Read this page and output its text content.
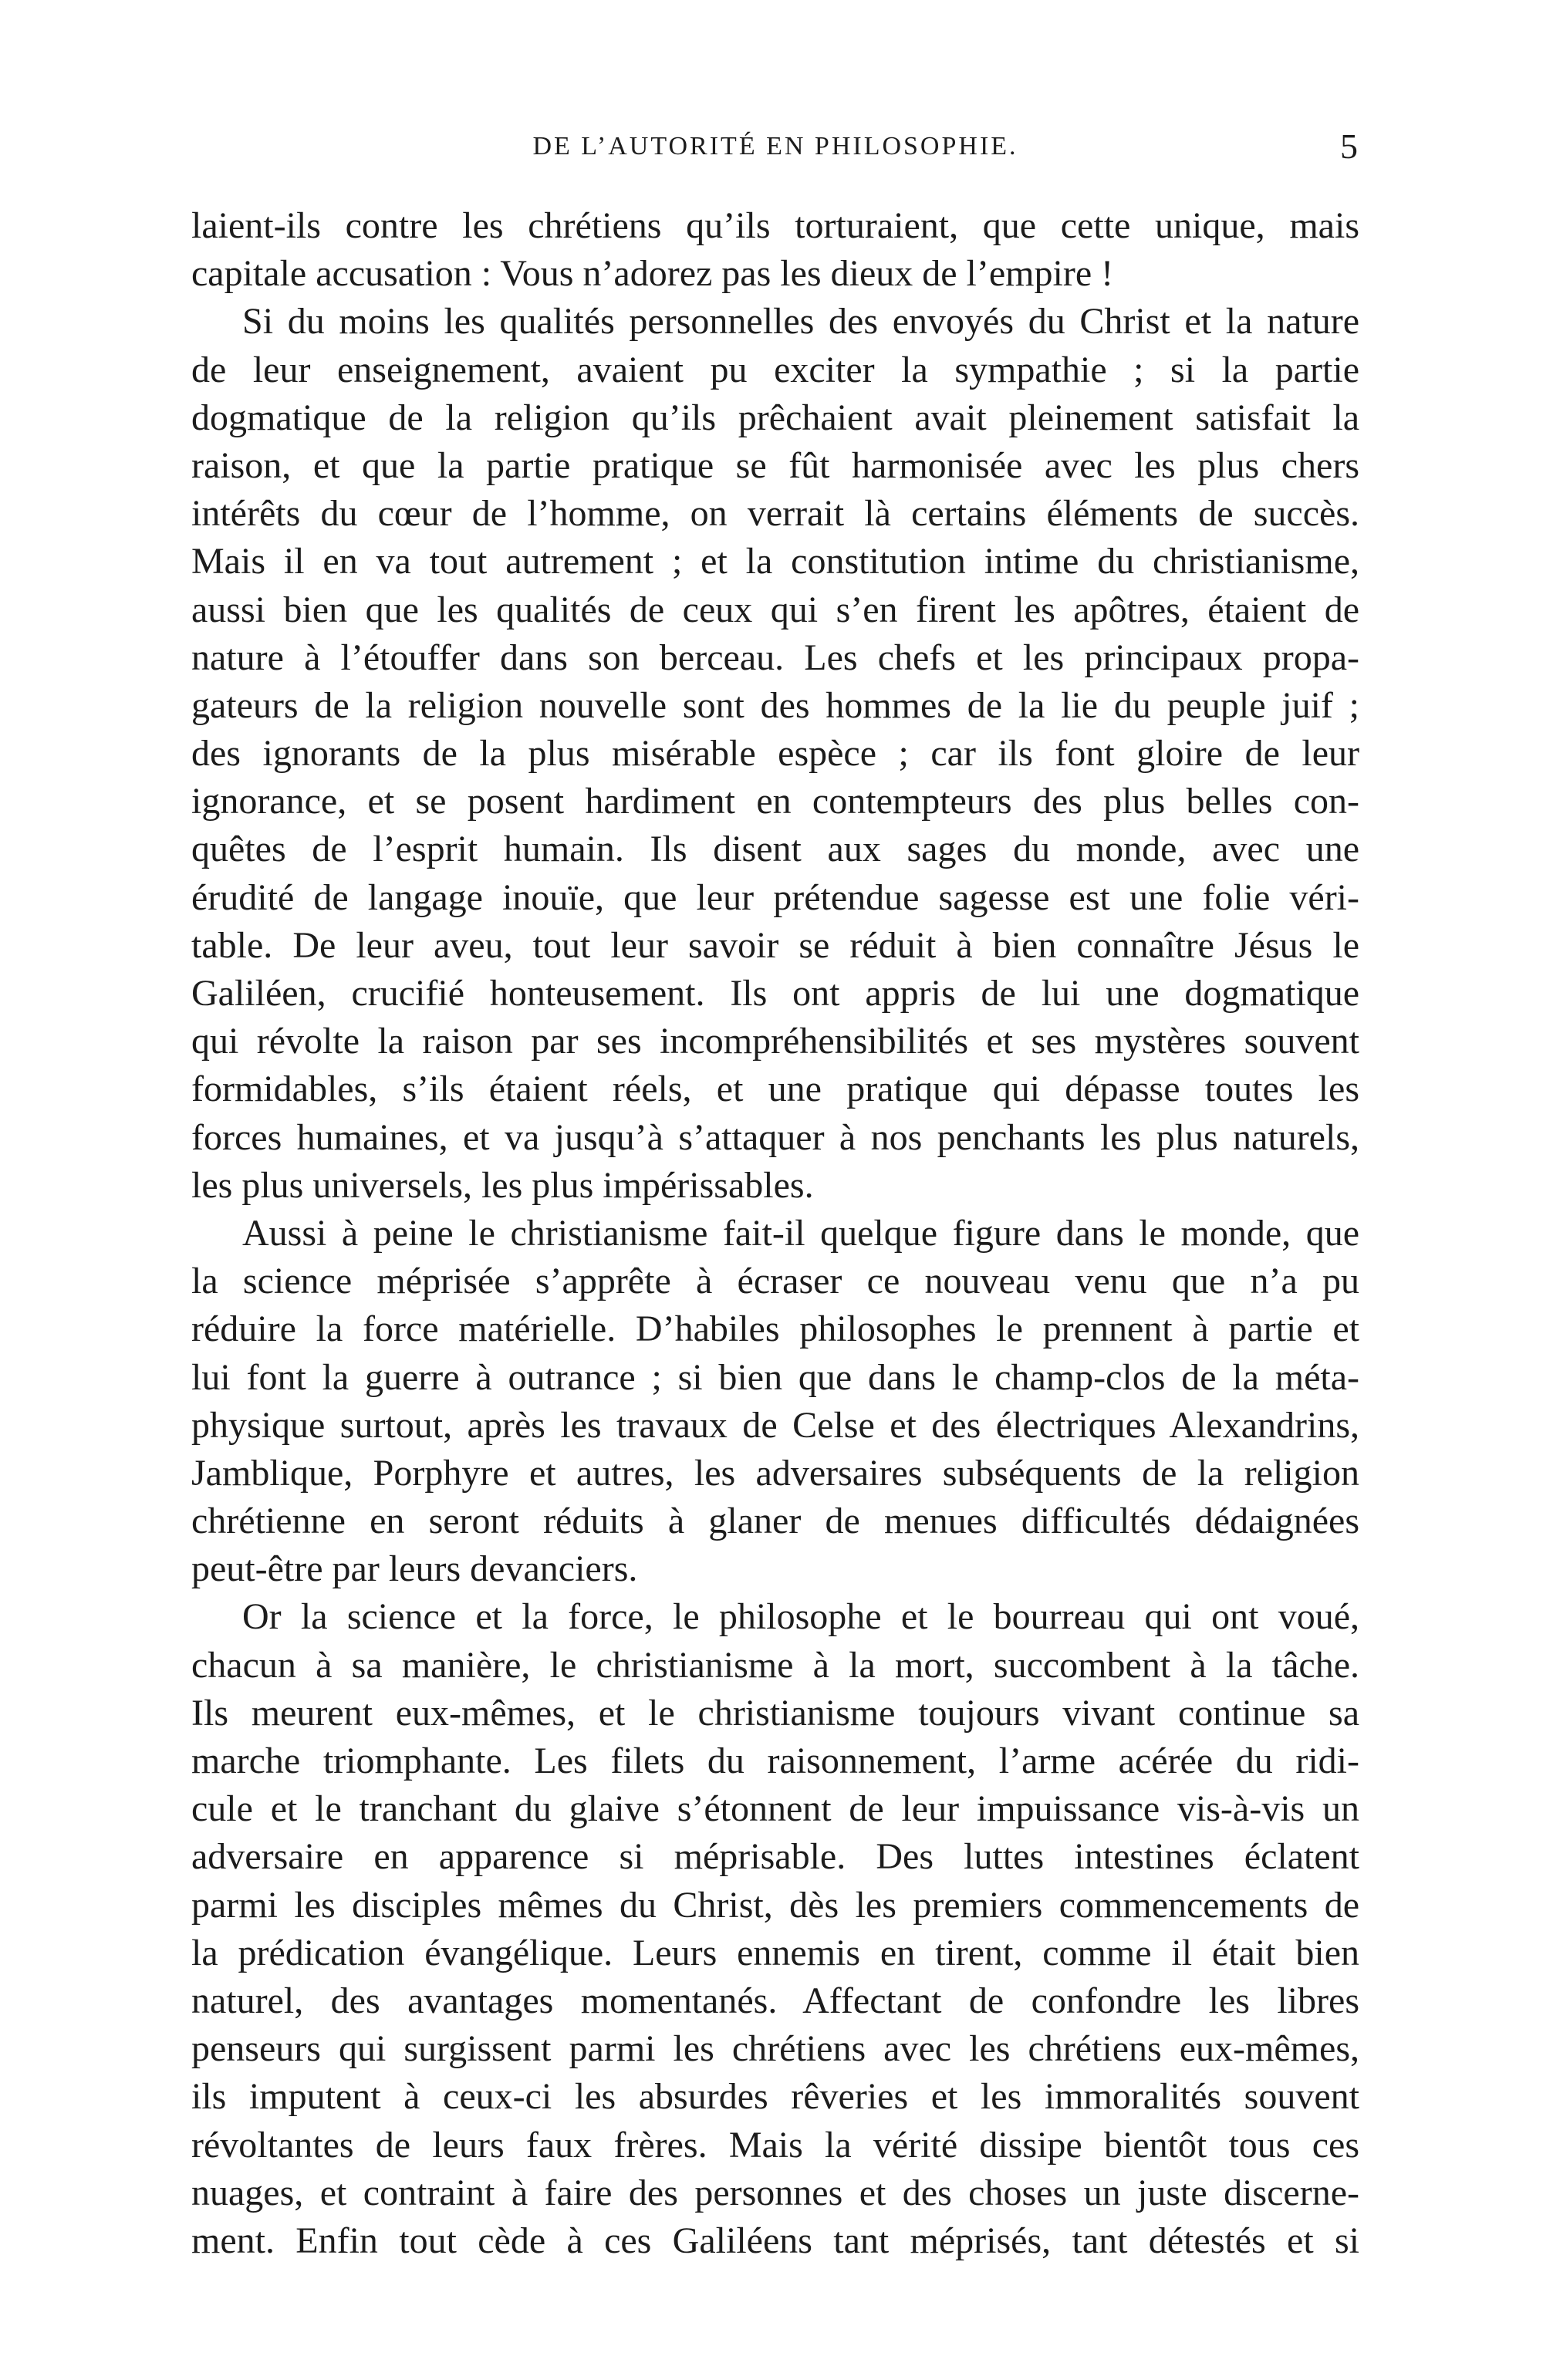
DE L’AUTORITÉ EN PHILOSOPHIE.	5
laient-ils contre les chrétiens qu’ils torturaient, que cette unique, mais
capitale accusation : Vous n’adorez pas les dieux de l’empire !
Si du moins les qualités personnelles des envoyés du Christ et la nature
de leur enseignement, avaient pu exciter la sympathie ; si la partie
dogmatique de la religion qu’ils prêchaient avait pleinement satisfait la
raison, et que la partie pratique se fût harmonisée avec les plus chers
intérêts du cœur de l’homme, on verrait là certains éléments de succès.
Mais il en va tout autrement ; et la constitution intime du christianisme,
aussi bien que les qualités de ceux qui s’en firent les apôtres, étaient de
nature à l’étouffer dans son berceau. Les chefs et les principaux propa-
gateurs de la religion nouvelle sont des hommes de la lie du peuple juif ;
des ignorants de la plus misérable espèce ; car ils font gloire de leur
ignorance, et se posent hardiment en contempteurs des plus belles con-
quêtes de l’esprit humain. Ils disent aux sages du monde, avec une
érudité de langage inouïe, que leur prétendue sagesse est une folie véri-
table. De leur aveu, tout leur savoir se réduit à bien connaître Jésus le
Galiléen, crucifié honteusement. Ils ont appris de lui une dogmatique
qui révolte la raison par ses incompréhensibilités et ses mystères souvent
formidables, s’ils étaient réels, et une pratique qui dépasse toutes les
forces humaines, et va jusqu’à s’attaquer à nos penchants les plus naturels,
les plus universels, les plus impérissables.
Aussi à peine le christianisme fait-il quelque figure dans le monde, que
la science méprisée s’apprête à écraser ce nouveau venu que n’a pu
réduire la force matérielle. D’habiles philosophes le prennent à partie et
lui font la guerre à outrance ; si bien que dans le champ-clos de la méta-
physique surtout, après les travaux de Celse et des électriques Alexandrins,
Jamblique, Porphyre et autres, les adversaires subséquents de la religion
chrétienne en seront réduits à glaner de menues difficultés dédaignées
peut-être par leurs devanciers.
Or la science et la force, le philosophe et le bourreau qui ont voué,
chacun à sa manière, le christianisme à la mort, succombent à la tâche.
Ils meurent eux-mêmes, et le christianisme toujours vivant continue sa
marche triomphante. Les filets du raisonnement, l’arme acérée du ridi-
cule et le tranchant du glaive s’étonnent de leur impuissance vis-à-vis un
adversaire en apparence si méprisable. Des luttes intestines éclatent
parmi les disciples mêmes du Christ, dès les premiers commencements de
la prédication évangélique. Leurs ennemis en tirent, comme il était bien
naturel, des avantages momentanés. Affectant de confondre les libres
penseurs qui surgissent parmi les chrétiens avec les chrétiens eux-mêmes,
ils imputent à ceux-ci les absurdes rêveries et les immoralités souvent
révoltantes de leurs faux frères. Mais la vérité dissipe bientôt tous ces
nuages, et contraint à faire des personnes et des choses un juste discerne-
ment. Enfin tout cède à ces Galiléens tant méprisés, tant détestés et si
